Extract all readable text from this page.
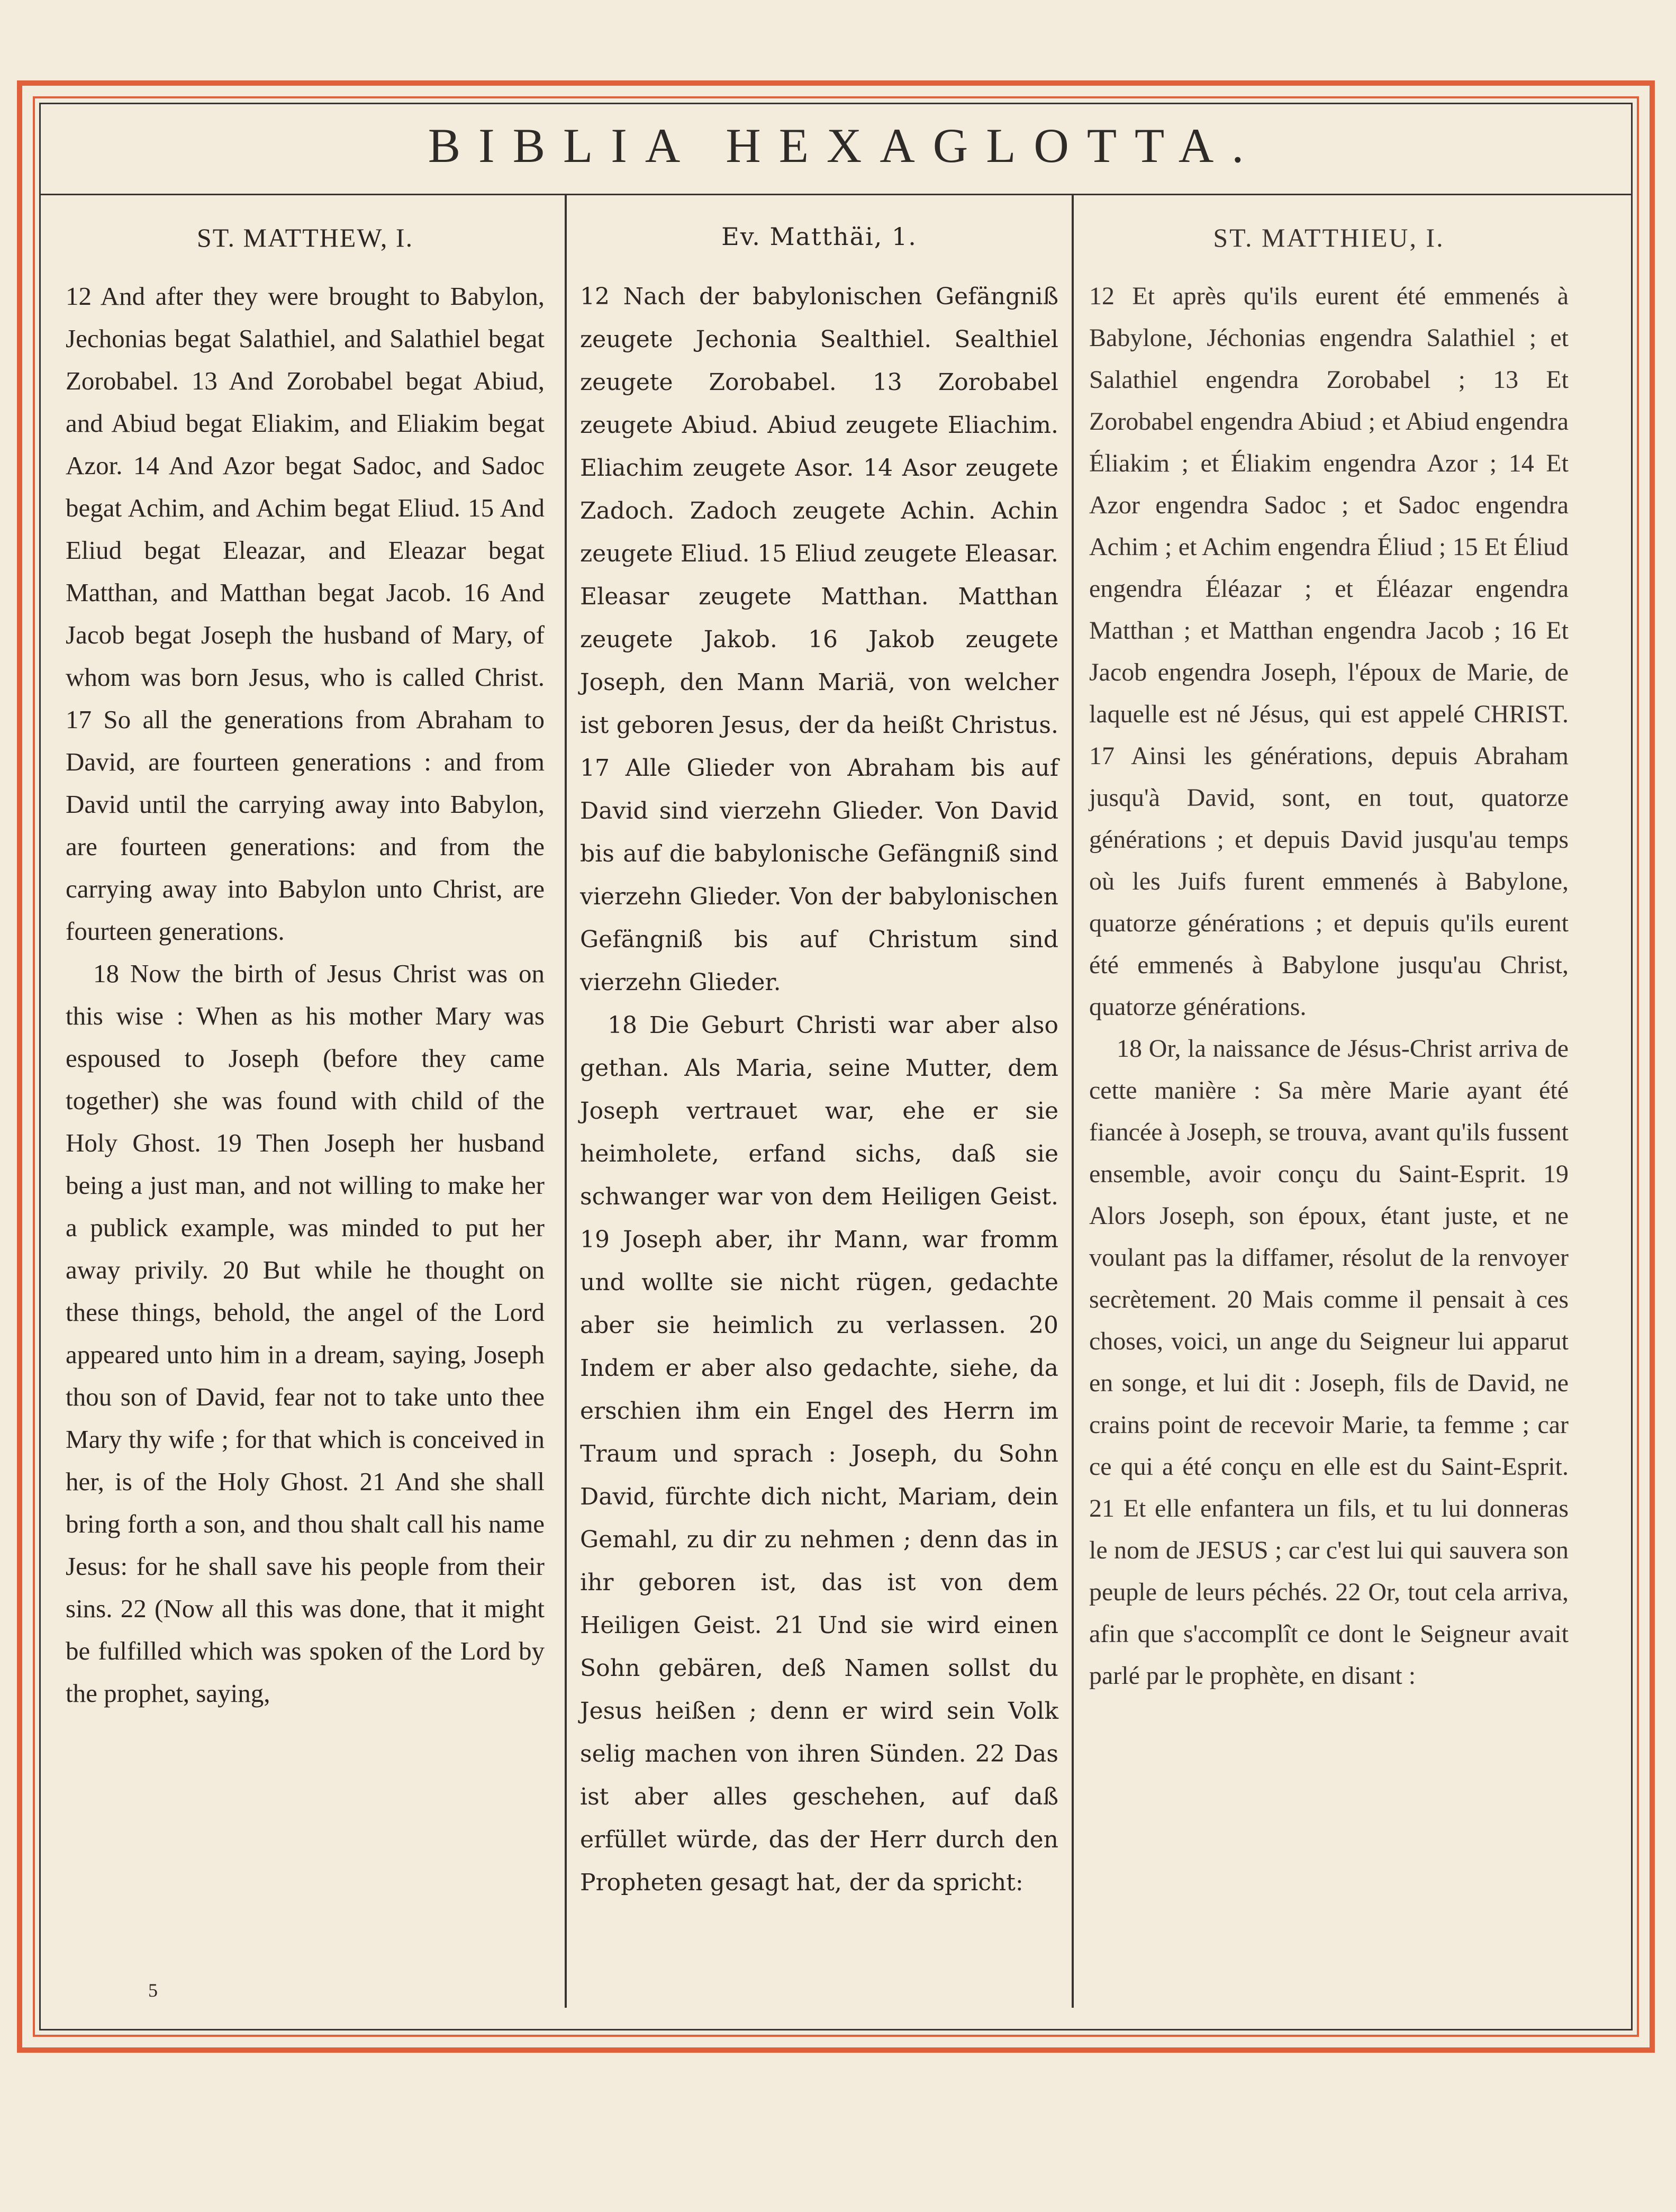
BIBLIA HEXAGLOTTA.
ST. MATTHEW, I.

12 And after they were brought to Babylon, Jechonias begat Salathiel, and Salathiel begat Zorobabel. 13 And Zorobabel begat Abiud, and Abiud begat Eliakim, and Eliakim begat Azor. 14 And Azor begat Sadoc, and Sadoc begat Achim, and Achim begat Eliud. 15 And Eliud begat Eleazar, and Eleazar begat Matthan, and Matthan begat Jacob. 16 And Jacob begat Joseph the husband of Mary, of whom was born Jesus, who is called Christ. 17 So all the generations from Abraham to David, are fourteen generations : and from David until the carrying away into Babylon, are fourteen generations: and from the carrying away into Babylon unto Christ, are fourteen generations.

18 Now the birth of Jesus Christ was on this wise : When as his mother Mary was espoused to Joseph (before they came together) she was found with child of the Holy Ghost. 19 Then Joseph her husband being a just man, and not willing to make her a publick example, was minded to put her away privily. 20 But while he thought on these things, behold, the angel of the Lord appeared unto him in a dream, saying, Joseph thou son of David, fear not to take unto thee Mary thy wife ; for that which is conceived in her, is of the Holy Ghost. 21 And she shall bring forth a son, and thou shalt call his name Jesus: for he shall save his people from their sins. 22 (Now all this was done, that it might be fulfilled which was spoken of the Lord by the prophet, saying,

Ev. Matthäi, 1.

12 Nach der babylonischen Gefängniß zeugete Jechonia Sealthiel. Sealthiel zeugete Zorobabel. 13 Zorobabel zeugete Abiud. Abiud zeugete Eliachim. Eliachim zeugete Asor. 14 Asor zeugete Zadoch. Zadoch zeugete Achin. Achin zeugete Eliud. 15 Eliud zeugete Eleasar. Eleasar zeugete Matthan. Matthan zeugete Jakob. 16 Jakob zeugete Joseph, den Mann Mariä, von welcher ist geboren Jesus, der da heißt Christus. 17 Alle Glieder von Abraham bis auf David sind vierzehn Glieder. Von David bis auf die babylonische Gefängniß sind vierzehn Glieder. Von der babylonischen Gefängniß bis auf Christum sind vierzehn Glieder.

18 Die Geburt Christi war aber also gethan. Als Maria, seine Mutter, dem Joseph vertrauet war, ehe er sie heimholete, erfand sichs, daß sie schwanger war von dem Heiligen Geist. 19 Joseph aber, ihr Mann, war fromm und wollte sie nicht rügen, gedachte aber sie heimlich zu verlassen. 20 Indem er aber also gedachte, siehe, da erschien ihm ein Engel des Herrn im Traum und sprach : Joseph, du Sohn David, fürchte dich nicht, Mariam, dein Gemahl, zu dir zu nehmen ; denn das in ihr geboren ist, das ist von dem Heiligen Geist. 21 Und sie wird einen Sohn gebären, deß Namen sollst du Jesus heißen ; denn er wird sein Volk selig machen von ihren Sünden. 22 Das ist aber alles geschehen, auf daß erfüllet würde, das der Herr durch den Propheten gesagt hat, der da spricht:

ST. MATTHIEU, I.

12 Et après qu'ils eurent été emmenés à Babylone, Jéchonias engendra Salathiel ; et Salathiel engendra Zorobabel ; 13 Et Zorobabel engendra Abiud ; et Abiud engendra Éliakim ; et Éliakim engendra Azor ; 14 Et Azor engendra Sadoc ; et Sadoc engendra Achim ; et Achim engendra Éliud ; 15 Et Éliud engendra Éléazar ; et Éléazar engendra Matthan ; et Matthan engendra Jacob ; 16 Et Jacob engendra Joseph, l'époux de Marie, de laquelle est né Jésus, qui est appelé CHRIST. 17 Ainsi les générations, depuis Abraham jusqu'à David, sont, en tout, quatorze générations ; et depuis David jusqu'au temps où les Juifs furent emmenés à Babylone, quatorze générations ; et depuis qu'ils eurent été emmenés à Babylone jusqu'au Christ, quatorze générations.

18 Or, la naissance de Jésus-Christ arriva de cette manière : Sa mère Marie ayant été fiancée à Joseph, se trouva, avant qu'ils fussent ensemble, avoir conçu du Saint-Esprit. 19 Alors Joseph, son époux, étant juste, et ne voulant pas la diffamer, résolut de la renvoyer secrètement. 20 Mais comme il pensait à ces choses, voici, un ange du Seigneur lui apparut en songe, et lui dit : Joseph, fils de David, ne crains point de recevoir Marie, ta femme ; car ce qui a été conçu en elle est du Saint-Esprit. 21 Et elle enfantera un fils, et tu lui donneras le nom de JESUS ; car c'est lui qui sauvera son peuple de leurs péchés. 22 Or, tout cela arriva, afin que s'accomplît ce dont le Seigneur avait parlé par le prophète, en disant :

5
